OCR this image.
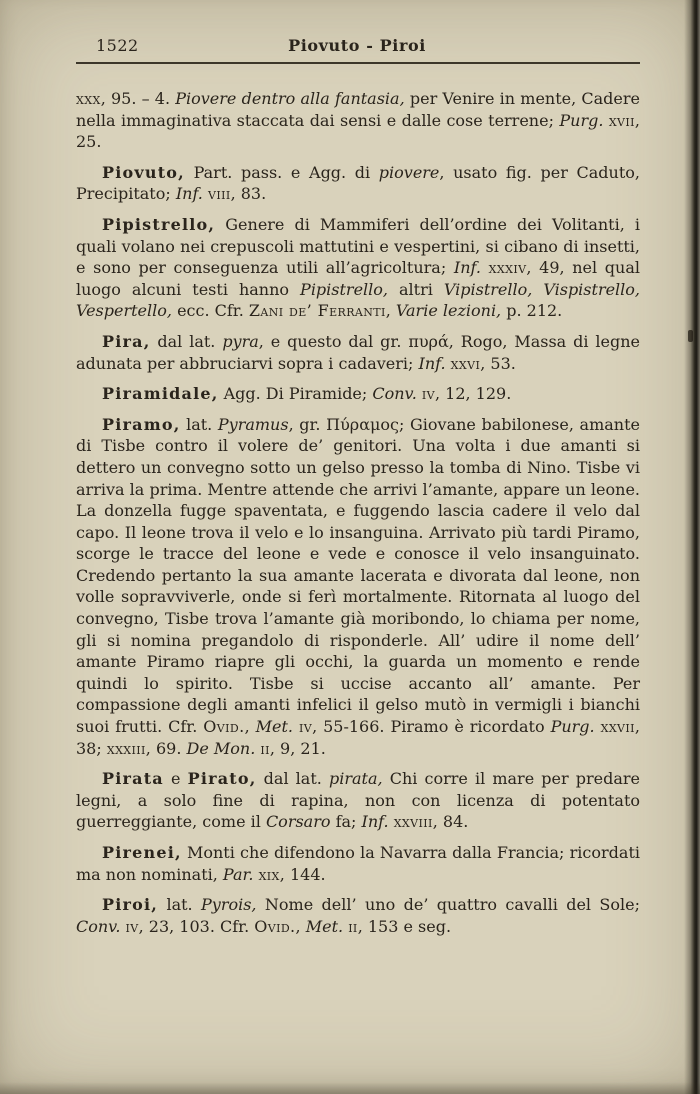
1522	Piovuto - Piroi

xxx, 95. – 4. Piovere dentro alla fantasia, per Venire in mente, Cadere nella immaginativa staccata dai sensi e dalle cose terrene; Purg. xvii, 25.

Piovuto, Part. pass. e Agg. di piovere, usato fig. per Caduto, Precipitato; Inf. viii, 83.

Pipistrello, Genere di Mammiferi dell’ordine dei Volitanti, i quali volano nei crepuscoli mattutini e vespertini, si cibano di insetti, e sono per conseguenza utili all’agricoltura; Inf. xxxiv, 49, nel qual luogo alcuni testi hanno Pipistrello, altri Vipistrello, Vispistrello, Vespertello, ecc. Cfr. Zani de’ Ferranti, Varie lezioni, p. 212.

Pira, dal lat. pyra, e questo dal gr. πυρά, Rogo, Massa di legne adunata per abbruciarvi sopra i cadaveri; Inf. xxvi, 53.

Piramidale, Agg. Di Piramide; Conv. iv, 12, 129.

Piramo, lat. Pyramus, gr. Πύραμος; Giovane babilonese, amante di Tisbe contro il volere de’ genitori. Una volta i due amanti si dettero un convegno sotto un gelso presso la tomba di Nino. Tisbe vi arriva la prima. Mentre attende che arrivi l’amante, appare un leone. La donzella fugge spaventata, e fuggendo lascia cadere il velo dal capo. Il leone trova il velo e lo insanguina. Arrivato più tardi Piramo, scorge le tracce del leone e vede e conosce il velo insanguinato. Credendo pertanto la sua amante lacerata e divorata dal leone, non volle sopravviverle, onde si ferì mortalmente. Ritornata al luogo del convegno, Tisbe trova l’amante già moribondo, lo chiama per nome, gli si nomina pregandolo di risponderle. All’ udire il nome dell’ amante Piramo riapre gli occhi, la guarda un momento e rende quindi lo spirito. Tisbe si uccise accanto all’ amante. Per compassione degli amanti infelici il gelso mutò in vermigli i bianchi suoi frutti. Cfr. Ovid., Met. iv, 55-166. Piramo è ricordato Purg. xxvii, 38; xxxiii, 69. De Mon. ii, 9, 21.

Pirata e Pirato, dal lat. pirata, Chi corre il mare per predare legni, a solo fine di rapina, non con licenza di potentato guerreggiante, come il Corsaro fa; Inf. xxviii, 84.

Pirenei, Monti che difendono la Navarra dalla Francia; ricordati ma non nominati, Par. xix, 144.

Piroi, lat. Pyrois, Nome dell’ uno de’ quattro cavalli del Sole; Conv. iv, 23, 103. Cfr. Ovid., Met. ii, 153 e seg.
